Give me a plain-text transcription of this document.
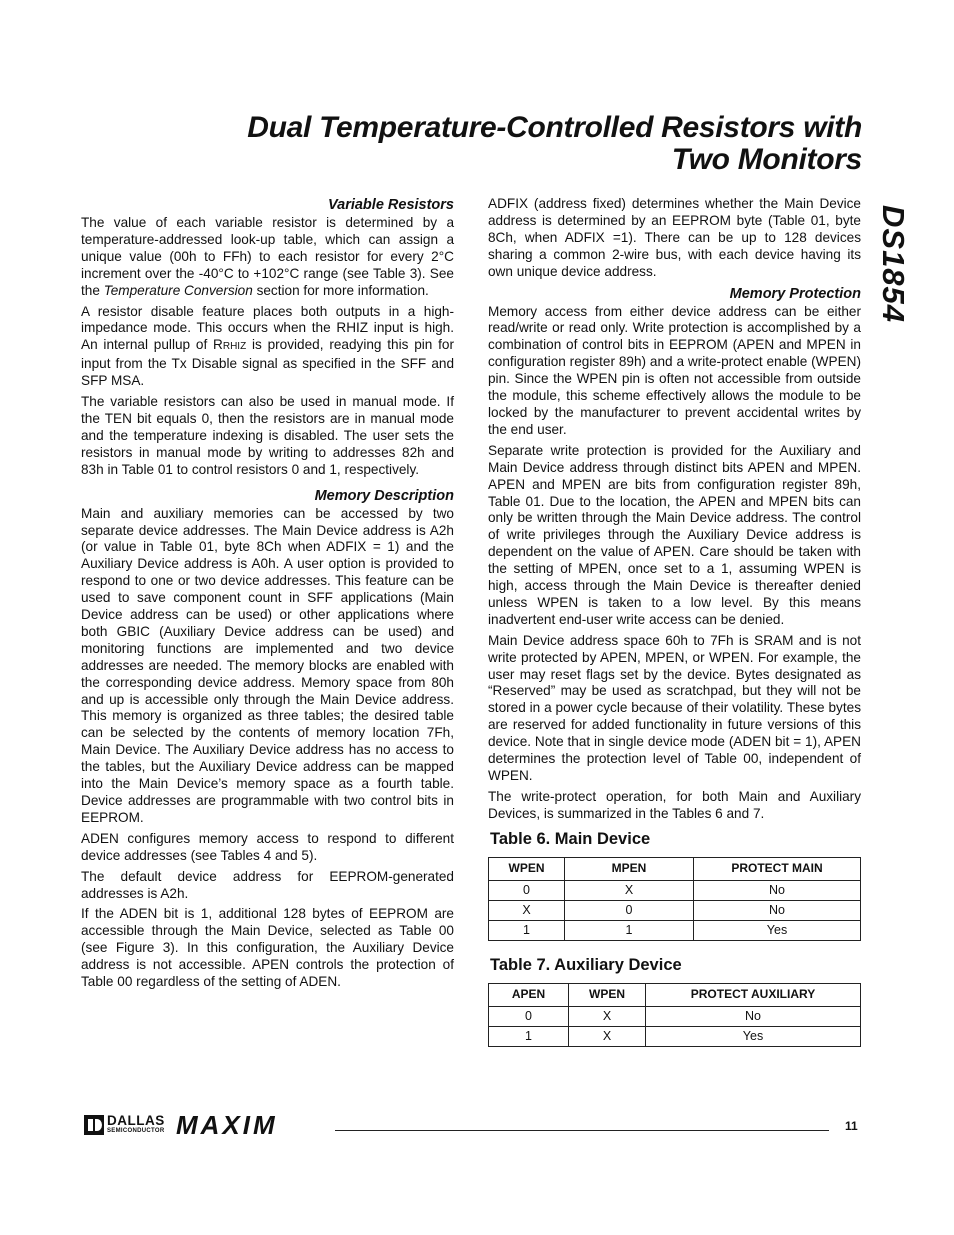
Dual Temperature-Controlled Resistors with
Two Monitors
DS1854
Variable Resistors

The value of each variable resistor is determined by a temperature-addressed look-up table, which can assign a unique value (00h to FFh) to each resistor for every 2°C increment over the -40°C to +102°C range (see Table 3). See the Temperature Conversion section for more information.

A resistor disable feature places both outputs in a high-impedance mode. This occurs when the RHIZ input is high. An internal pullup of RRHIZ is provided, readying this pin for input from the Tx Disable signal as specified in the SFF and SFP MSA.

The variable resistors can also be used in manual mode. If the TEN bit equals 0, then the resistors are in manual mode and the temperature indexing is disabled. The user sets the resistors in manual mode by writing to addresses 82h and 83h in Table 01 to control resistors 0 and 1, respectively.

Memory Description

Main and auxiliary memories can be accessed by two separate device addresses. The Main Device address is A2h (or value in Table 01, byte 8Ch when ADFIX = 1) and the Auxiliary Device address is A0h. A user option is provided to respond to one or two device addresses. This feature can be used to save component count in SFF applications (Main Device address can be used) or other applications where both GBIC (Auxiliary Device address can be used) and monitoring functions are implemented and two device addresses are needed. The memory blocks are enabled with the corresponding device address. Memory space from 80h and up is accessible only through the Main Device address. This memory is organized as three tables; the desired table can be selected by the contents of memory location 7Fh, Main Device. The Auxiliary Device address has no access to the tables, but the Auxiliary Device address can be mapped into the Main Device’s memory space as a fourth table. Device addresses are programmable with two control bits in EEPROM.

ADEN configures memory access to respond to different device addresses (see Tables 4 and 5).

The default device address for EEPROM-generated addresses is A2h.

If the ADEN bit is 1, additional 128 bytes of EEPROM are accessible through the Main Device, selected as Table 00 (see Figure 3). In this configuration, the Auxiliary Device address is not accessible. APEN controls the protection of Table 00 regardless of the setting of ADEN.

ADFIX (address fixed) determines whether the Main Device address is determined by an EEPROM byte (Table 01, byte 8Ch, when ADFIX =1). There can be up to 128 devices sharing a common 2-wire bus, with each device having its own unique device address.

Memory Protection

Memory access from either device address can be either read/write or read only. Write protection is accomplished by a combination of control bits in EEPROM (APEN and MPEN in configuration register 89h) and a write-protect enable (WPEN) pin. Since the WPEN pin is often not accessible from outside the module, this scheme effectively allows the module to be locked by the manufacturer to prevent accidental writes by the end user.

Separate write protection is provided for the Auxiliary and Main Device address through distinct bits APEN and MPEN. APEN and MPEN are bits from configuration register 89h, Table 01. Due to the location, the APEN and MPEN bits can only be written through the Main Device address. The control of write privileges through the Auxiliary Device address is dependent on the value of APEN. Care should be taken with the setting of MPEN, once set to a 1, assuming WPEN is high, access through the Main Device is thereafter denied unless WPEN is taken to a low level. By this means inadvertent end-user write access can be denied.

Main Device address space 60h to 7Fh is SRAM and is not write protected by APEN, MPEN, or WPEN. For example, the user may reset flags set by the device. Bytes designated as “Reserved” may be used as scratchpad, but they will not be stored in a power cycle because of their volatility. These bytes are reserved for added functionality in future versions of this device. Note that in single device mode (ADEN bit = 1), APEN determines the protection level of Table 00, independent of WPEN.

The write-protect operation, for both Main and Auxiliary Devices, is summarized in the Tables 6 and 7.

Table 6. Main Device
WPEN	MPEN	PROTECT MAIN
0	X	No
X	0	No
1	1	Yes
Table 7. Auxiliary Device
APEN	WPEN	PROTECT AUXILIARY
0	X	No
1	X	Yes
DALLAS
SEMICONDUCTOR MAXIM	11
